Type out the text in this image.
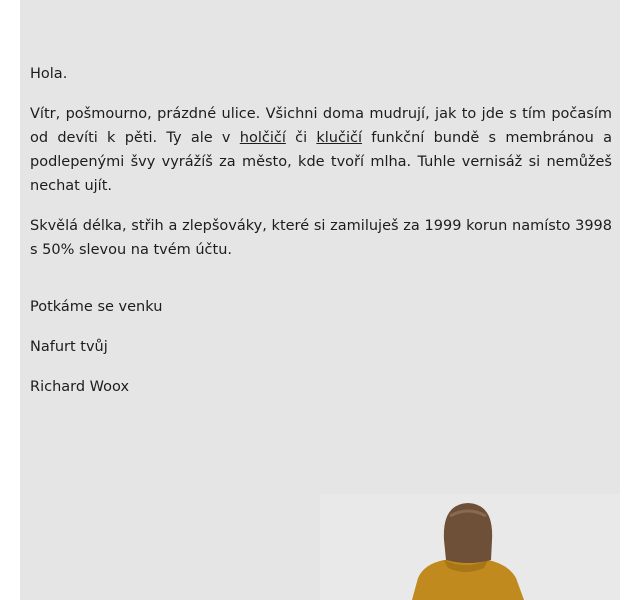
Hola.

Vítr, pošmourno, prázdné ulice. Všichni doma mudrují, jak to jde s tím počasím od devíti k pěti. Ty ale v holčičí či klučičí funkční bundě s membránou a podlepenými švy vyrážíš za město, kde tvoří mlha. Tuhle vernisáž si nemůžeš nechat ujít.

Skvělá délka, střih a zlepšováky, které si zamiluješ za 1999 korun namísto 3998 s 50% slevou na tvém účtu.

Potkáme se venku

Nafurt tvůj

Richard Woox
